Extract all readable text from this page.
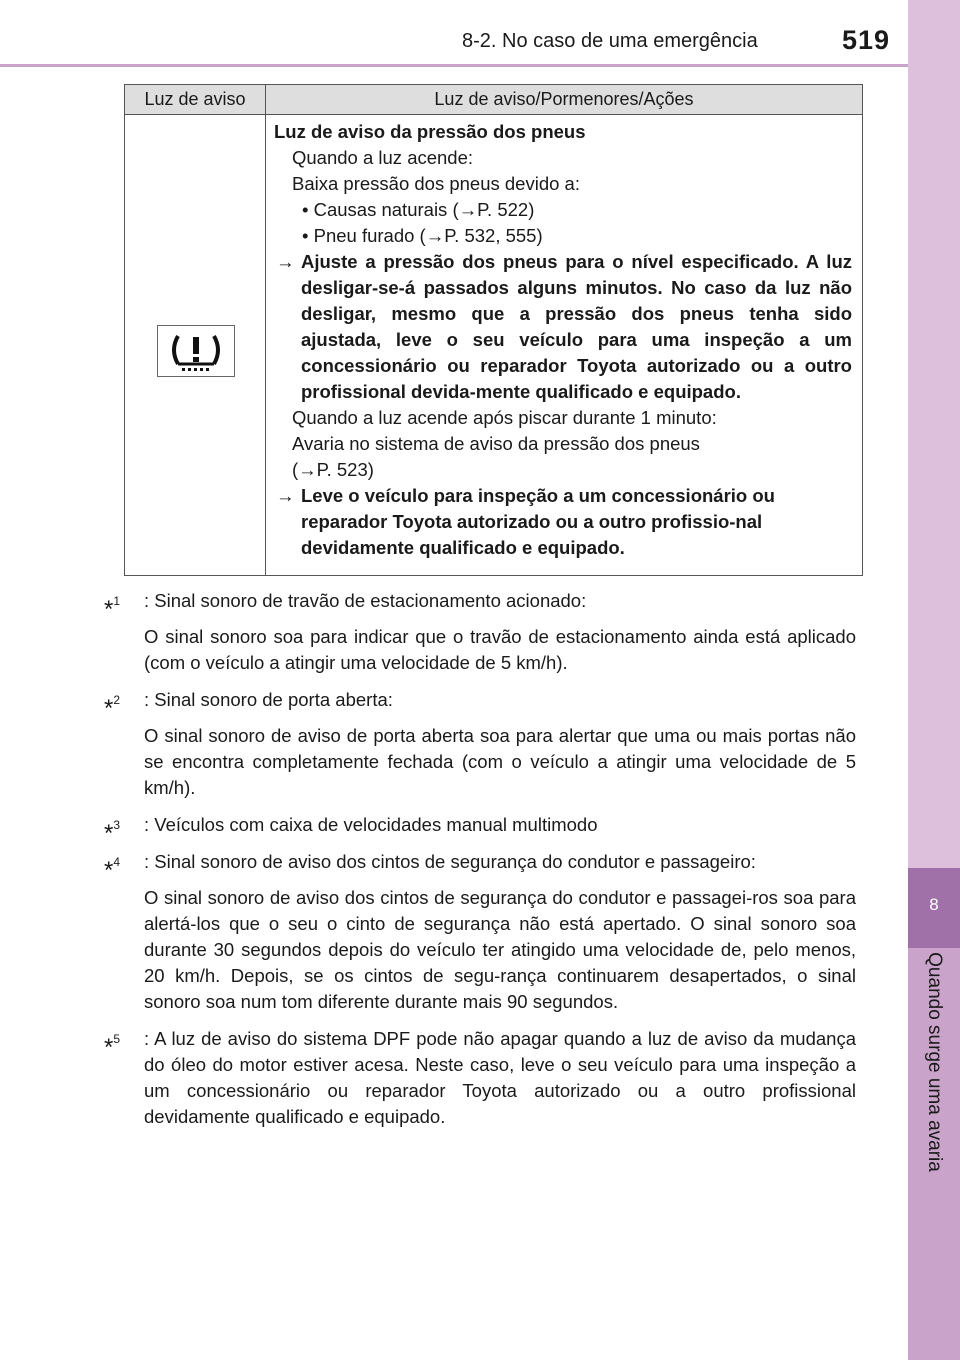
8-2. No caso de uma emergência	519
8
Quando surge uma avaria
Luz de aviso	Luz de aviso/Pormenores/Ações

Luz de aviso da pressão dos pneus

Quando a luz acende:

Baixa pressão dos pneus devido a:

• Causas naturais (→P. 522)

• Pneu furado (→P. 532, 555)

→ Ajuste a pressão dos pneus para o nível especificado. A luz desligar-se-á passados alguns minutos. No caso da luz não desligar, mesmo que a pressão dos pneus tenha sido ajustada, leve o seu veículo para uma inspeção a um concessionário ou reparador Toyota autorizado ou a outro profissional devida-mente qualificado e equipado.

Quando a luz acende após piscar durante 1 minuto:

Avaria no sistema de aviso da pressão dos pneus

(→P. 523)

→ Leve o veículo para inspeção a um concessionário ou reparador Toyota autorizado ou a outro profissio-nal devidamente qualificado e equipado.
*$^1$ : Sinal sonoro de travão de estacionamento acionado:

O sinal sonoro soa para indicar que o travão de estacionamento ainda está aplicado (com o veículo a atingir uma velocidade de 5 km/h).

*$^2$ : Sinal sonoro de porta aberta:

O sinal sonoro de aviso de porta aberta soa para alertar que uma ou mais portas não se encontra completamente fechada (com o veículo a atingir uma velocidade de 5 km/h).

*$^3$ : Veículos com caixa de velocidades manual multimodo

*$^4$ : Sinal sonoro de aviso dos cintos de segurança do condutor e passageiro:

O sinal sonoro de aviso dos cintos de segurança do condutor e passagei-ros soa para alertá-los que o seu o cinto de segurança não está apertado. O sinal sonoro soa durante 30 segundos depois do veículo ter atingido uma velocidade de, pelo menos, 20 km/h. Depois, se os cintos de segu-rança continuarem desapertados, o sinal sonoro soa num tom diferente durante mais 90 segundos.

*$^5$ : A luz de aviso do sistema DPF pode não apagar quando a luz de aviso da mudança do óleo do motor estiver acesa. Neste caso, leve o seu veículo para uma inspeção a um concessionário ou reparador Toyota autorizado ou a outro profissional devidamente qualificado e equipado.
